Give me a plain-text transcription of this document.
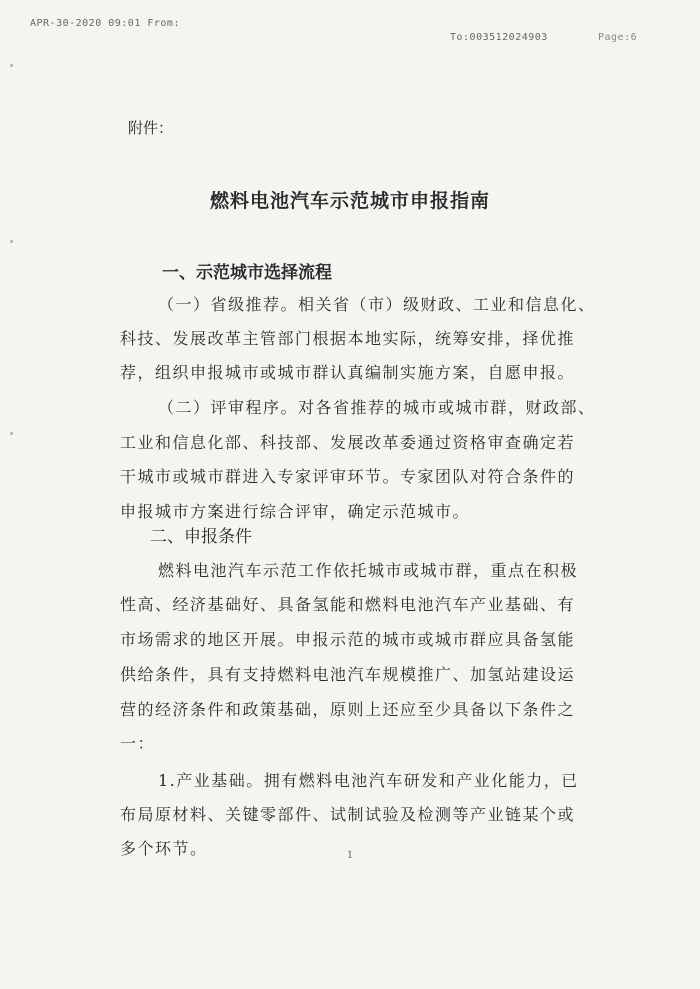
APR-30-2020 09:01 From:
To:003512024903	Page:6
附件：
燃料电池汽车示范城市申报指南
一、示范城市选择流程
（一）省级推荐。相关省（市）级财政、工业和信息化、
科技、发展改革主管部门根据本地实际，统筹安排，择优推
荐，组织申报城市或城市群认真编制实施方案，自愿申报。
（二）评审程序。对各省推荐的城市或城市群，财政部、
工业和信息化部、科技部、发展改革委通过资格审查确定若
干城市或城市群进入专家评审环节。专家团队对符合条件的
申报城市方案进行综合评审，确定示范城市。
二、申报条件
燃料电池汽车示范工作依托城市或城市群，重点在积极
性高、经济基础好、具备氢能和燃料电池汽车产业基础、有
市场需求的地区开展。申报示范的城市或城市群应具备氢能
供给条件，具有支持燃料电池汽车规模推广、加氢站建设运
营的经济条件和政策基础，原则上还应至少具备以下条件之
一：
1.产业基础。拥有燃料电池汽车研发和产业化能力，已
布局原材料、关键零部件、试制试验及检测等产业链某个或
多个环节。	1
